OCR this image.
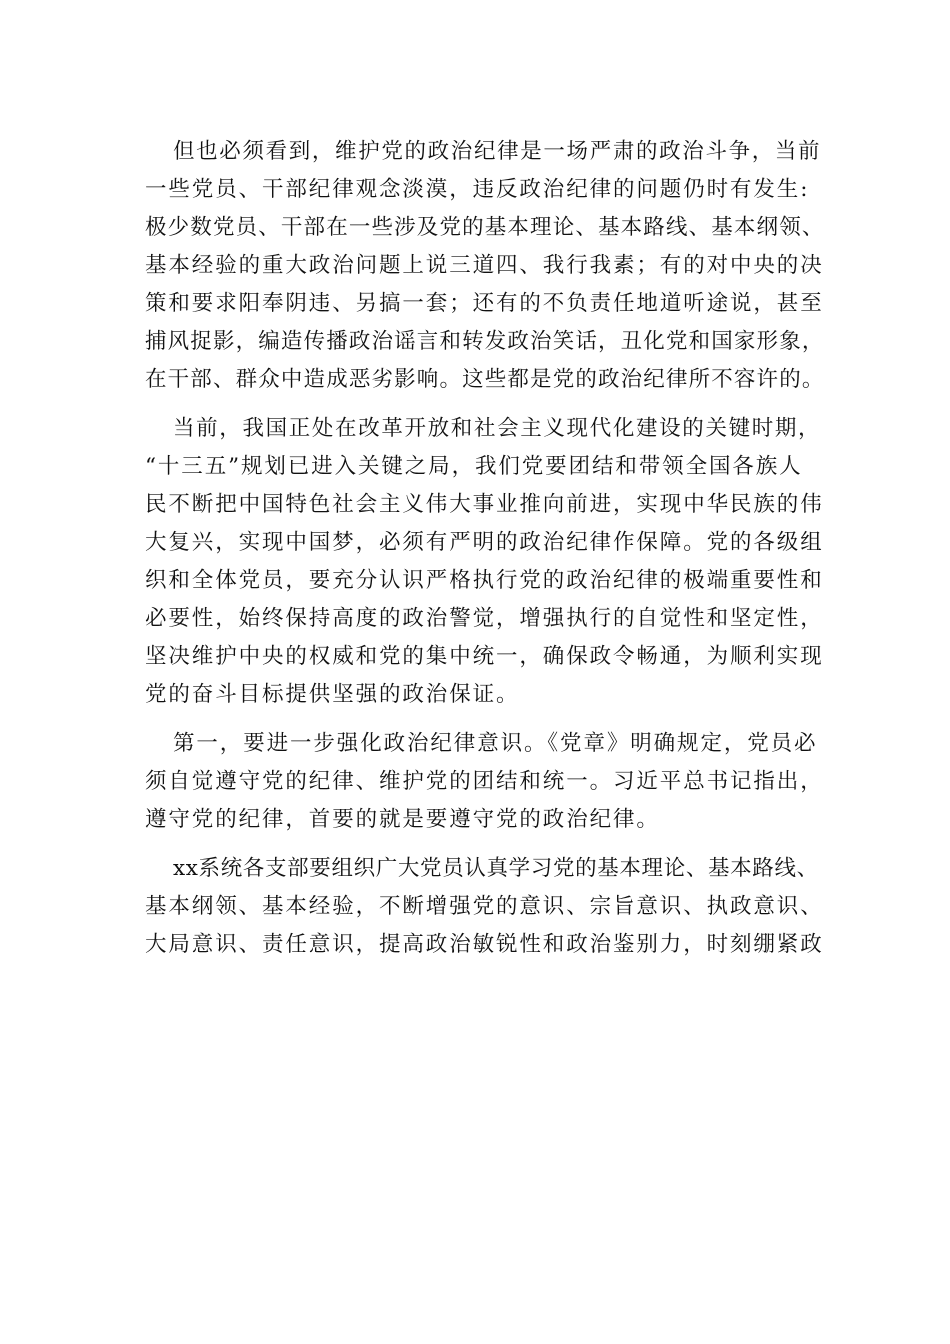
但也必须看到，维护党的政治纪律是一场严肃的政治斗争，当前
一些党员、干部纪律观念淡漠，违反政治纪律的问题仍时有发生:
极少数党员、干部在一些涉及党的基本理论、基本路线、基本纲领、
基本经验的重大政治问题上说三道四、我行我素；有的对中央的决
策和要求阳奉阴违、另搞一套；还有的不负责任地道听途说，甚至
捕风捉影，编造传播政治谣言和转发政治笑话，丑化党和国家形象，
在干部、群众中造成恶劣影响。这些都是党的政治纪律所不容许的。
当前，我国正处在改革开放和社会主义现代化建设的关键时期，
“十三五”规划已进入关键之局，我们党要团结和带领全国各族人
民不断把中国特色社会主义伟大事业推向前进，实现中华民族的伟
大复兴，实现中国梦，必须有严明的政治纪律作保障。党的各级组
织和全体党员，要充分认识严格执行党的政治纪律的极端重要性和
必要性，始终保持高度的政治警觉，增强执行的自觉性和坚定性，
坚决维护中央的权威和党的集中统一，确保政令畅通，为顺利实现
党的奋斗目标提供坚强的政治保证。
第一，要进一步强化政治纪律意识。《党章》明确规定，党员必
须自觉遵守党的纪律、维护党的团结和统一。习近平总书记指出，
遵守党的纪律，首要的就是要遵守党的政治纪律。
xx系统各支部要组织广大党员认真学习党的基本理论、基本路线、
基本纲领、基本经验，不断增强党的意识、宗旨意识、执政意识、
大局意识、责任意识，提高政治敏锐性和政治鉴别力，时刻绷紧政
